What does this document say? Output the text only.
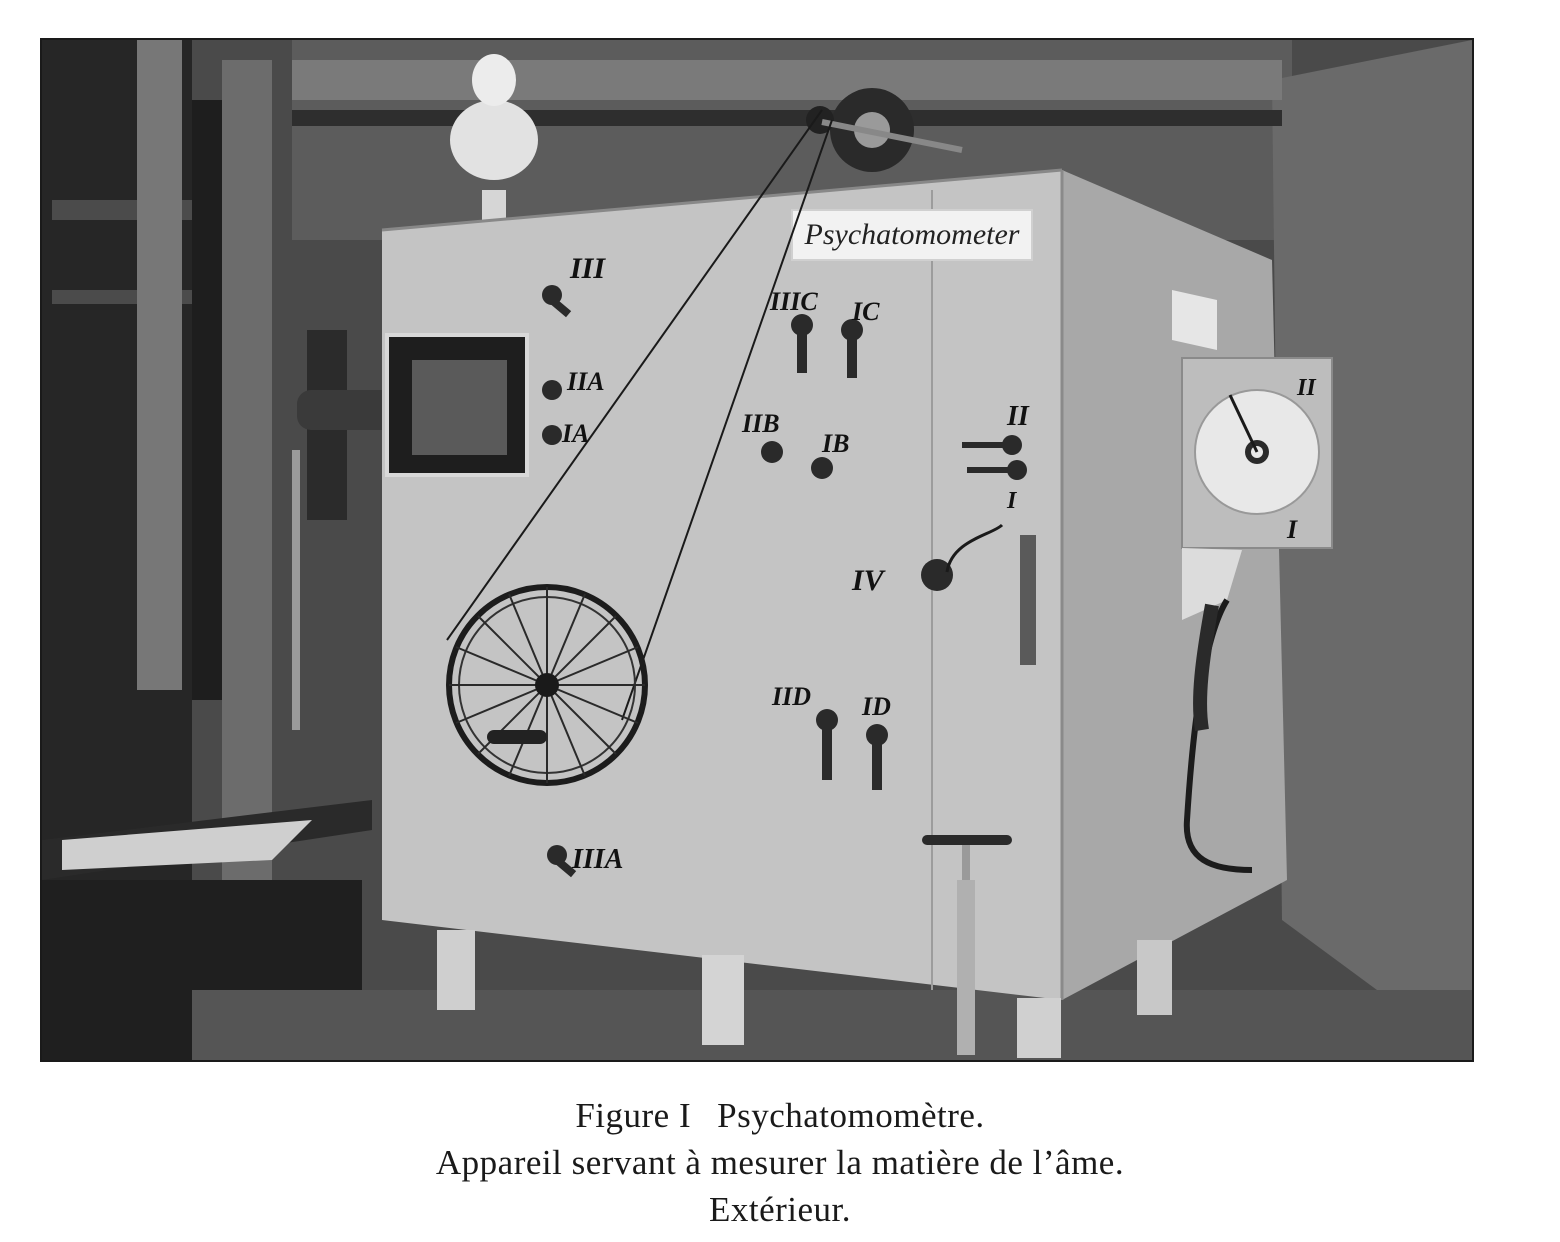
Psychatomometer
III
IIA
IA
IIIC IC
IIB
IB
II
I
IV
IID ID
IIIA
II
I
Figure I Psychatomomètre.
Appareil servant à mesurer la matière de l’âme.
Extérieur.
